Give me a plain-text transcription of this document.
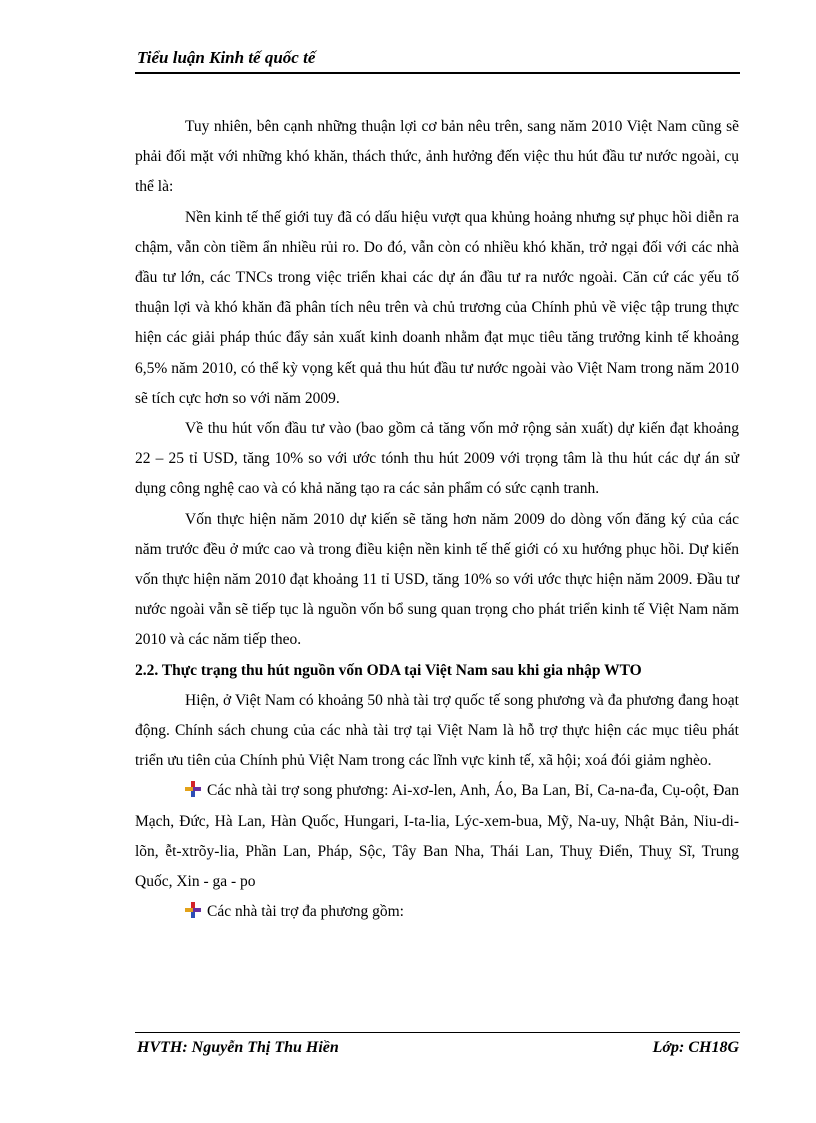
Tiểu luận Kinh tế quốc tế

Tuy nhiên, bên cạnh những thuận lợi cơ bản nêu trên, sang năm 2010 Việt Nam cũng sẽ phải đối mặt với những khó khăn, thách thức, ảnh hưởng đến việc thu hút đầu tư nước ngoài, cụ thể là:

Nền kinh tế thế giới tuy đã có dấu hiệu vượt qua khủng hoảng nhưng sự phục hồi diễn ra chậm, vẫn còn tiềm ẩn nhiều rủi ro. Do đó, vẫn còn có nhiều khó khăn, trở ngại đối với các nhà đầu tư lớn, các TNCs trong việc triển khai các dự án đầu tư ra nước ngoài. Căn cứ các yếu tố thuận lợi và khó khăn đã phân tích nêu trên và chủ trương của Chính phủ về việc tập trung thực hiện các giải pháp thúc đẩy sản xuất kinh doanh nhằm đạt mục tiêu tăng trưởng kinh tế khoảng 6,5% năm 2010, có thể kỳ vọng kết quả thu hút đầu tư nước ngoài vào Việt Nam trong năm 2010 sẽ tích cực hơn so với năm 2009.

Về thu hút vốn đầu tư vào (bao gồm cả tăng vốn mở rộng sản xuất) dự kiến đạt khoảng 22 – 25 tỉ USD, tăng 10% so với ước tónh thu hút 2009 với trọng tâm là thu hút các dự án sử dụng công nghệ cao và có khả năng tạo ra các sản phẩm có sức cạnh tranh.

Vốn thực hiện năm 2010 dự kiến sẽ tăng hơn năm 2009 do dòng vốn đăng ký của các năm trước đều ở mức cao và trong điều kiện nền kinh tế thế giới có xu hướng phục hồi. Dự kiến vốn thực hiện năm 2010 đạt khoảng 11 tỉ USD, tăng 10% so với ước thực hiện năm 2009. Đầu tư nước ngoài vẫn sẽ tiếp tục là nguồn vốn bổ sung quan trọng cho phát triển kinh tế Việt Nam năm 2010 và các năm tiếp theo.

2.2. Thực trạng thu hút nguồn vốn ODA tại Việt Nam sau khi gia nhập WTO

Hiện, ở Việt Nam có khoảng 50 nhà tài trợ quốc tế song phương và đa phương đang hoạt động. Chính sách chung của các nhà tài trợ tại Việt Nam là hỗ trợ thực hiện các mục tiêu phát triển ưu tiên của Chính phủ Việt Nam trong các lĩnh vực kinh tế, xã hội; xoá đói giảm nghèo.

Các nhà tài trợ song phương: Ai-xơ-len, Anh, Áo, Ba Lan, Bỉ, Ca-na-đa, Cụ-oột, Đan Mạch, Đức, Hà Lan, Hàn Quốc, Hungari, I-ta-lia, Lýc-xem-bua, Mỹ, Na-uy, Nhật Bản, Niu-di-lõn, ễt-xtrõy-lia, Phần Lan, Pháp, Sộc, Tây Ban Nha, Thái Lan, Thuỵ Điển, Thuỵ Sĩ, Trung Quốc, Xin - ga - po

Các nhà tài trợ đa phương gồm:

HVTH: Nguyễn Thị Thu Hiền	Lớp: CH18G
